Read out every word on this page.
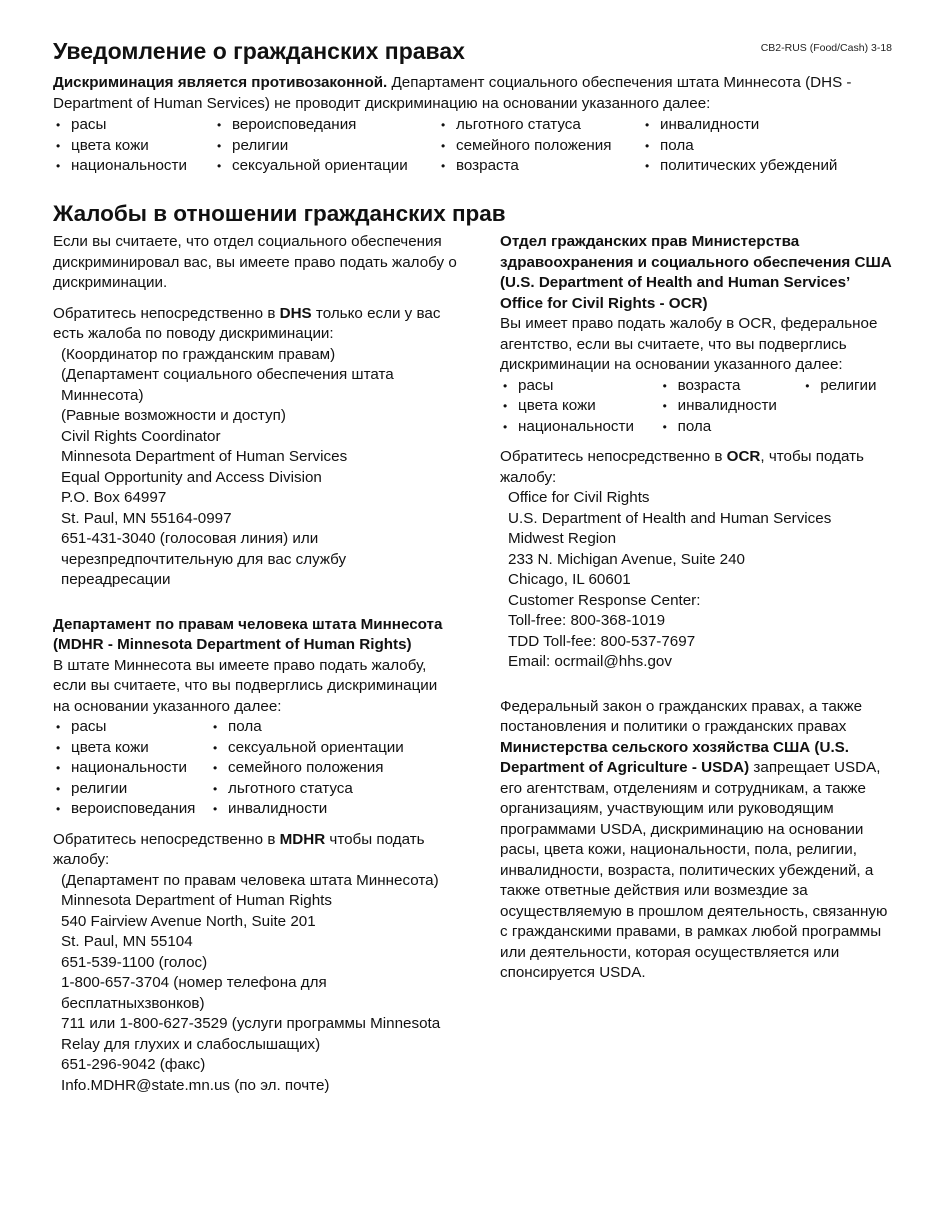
CB2-RUS (Food/Cash) 3-18
Уведомление о гражданских правах
Дискриминация является противозаконной. Департамент социального обеспечения штата Миннесота (DHS - Department of Human Services) не проводит дискриминацию на основании указанного далее:
• расы
• цвета кожи
• национальности
• вероисповедания
• религии
• сексуальной ориентации
• льготного статуса
• семейного положения
• возраста
• инвалидности
• пола
• политических убеждений
Жалобы в отношении гражданских прав

Если вы считаете, что отдел социального обеспечения дискриминировал вас, вы имеете право подать жалобу о дискриминации.

Обратитесь непосредственно в DHS только если у вас есть жалоба по поводу дискриминации:

(Координатор по гражданским правам)
(Департамент социального обеспечения штата Миннесота)
(Равные возможности и доступ)
Civil Rights Coordinator
Minnesota Department of Human Services
Equal Opportunity and Access Division
P.O. Box 64997
St. Paul, MN 55164-0997
651-431-3040 (голосовая линия) или черезпредпочтительную для вас службу переадресации

Департамент по правам человека штата Миннесота (MDHR - Minnesota Department of Human Rights)

В штате Миннесота вы имеете право подать жалобу, если вы считаете, что вы подверглись дискриминации на основании указанного далее:

• расы
• цвета кожи
• национальности
• религии
• вероисповедания
• пола
• сексуальной ориентации
• семейного положения
• льготного статуса
• инвалидности

Обратитесь непосредственно в MDHR чтобы подать жалобу:

(Департамент по правам человека штата Миннесота)
Minnesota Department of Human Rights
540 Fairview Avenue North, Suite 201
St. Paul, MN 55104
651-539-1100 (голос)
1-800-657-3704 (номер телефона для бесплатныхзвонков)
711 или 1-800-627-3529 (услуги программы Minnesota Relay для глухих и слабослышащих)
651-296-9042 (факс)
Info.MDHR@state.mn.us (по эл. почте)

Отдел гражданских прав Министерства здравоохранения и социального обеспечения США (U.S. Department of Health and Human Services’ Office for Civil Rights - OCR)

Вы имеет право подать жалобу в OCR, федеральное агентство, если вы считаете, что вы подверглись дискриминации на основании указанного далее:

• расы
• цвета кожи
• национальности
• возраста
• инвалидности
• пола
• религии

Обратитесь непосредственно в OCR, чтобы подать жалобу:

Office for Civil Rights
U.S. Department of Health and Human Services
Midwest Region
233 N. Michigan Avenue, Suite 240
Chicago, IL 60601
Customer Response Center:
Toll-free: 800-368-1019
TDD Toll-fee: 800-537-7697
Email: ocrmail@hhs.gov

Федеральный закон о гражданских правах, а также постановления и политики о гражданских правах Министерства сельского хозяйства США (U.S. Department of Agriculture - USDA) запрещает USDA, его агентствам, отделениям и сотрудникам, а также организациям, участвующим или руководящим программами USDA, дискриминацию на основании расы, цвета кожи, национальности, пола, религии, инвалидности, возраста, политических убеждений, а также ответные действия или возмездие за осуществляемую в прошлом деятельность, связанную с гражданскими правами, в рамках любой программы или деятельности, которая осуществляется или спонсируется USDA.
